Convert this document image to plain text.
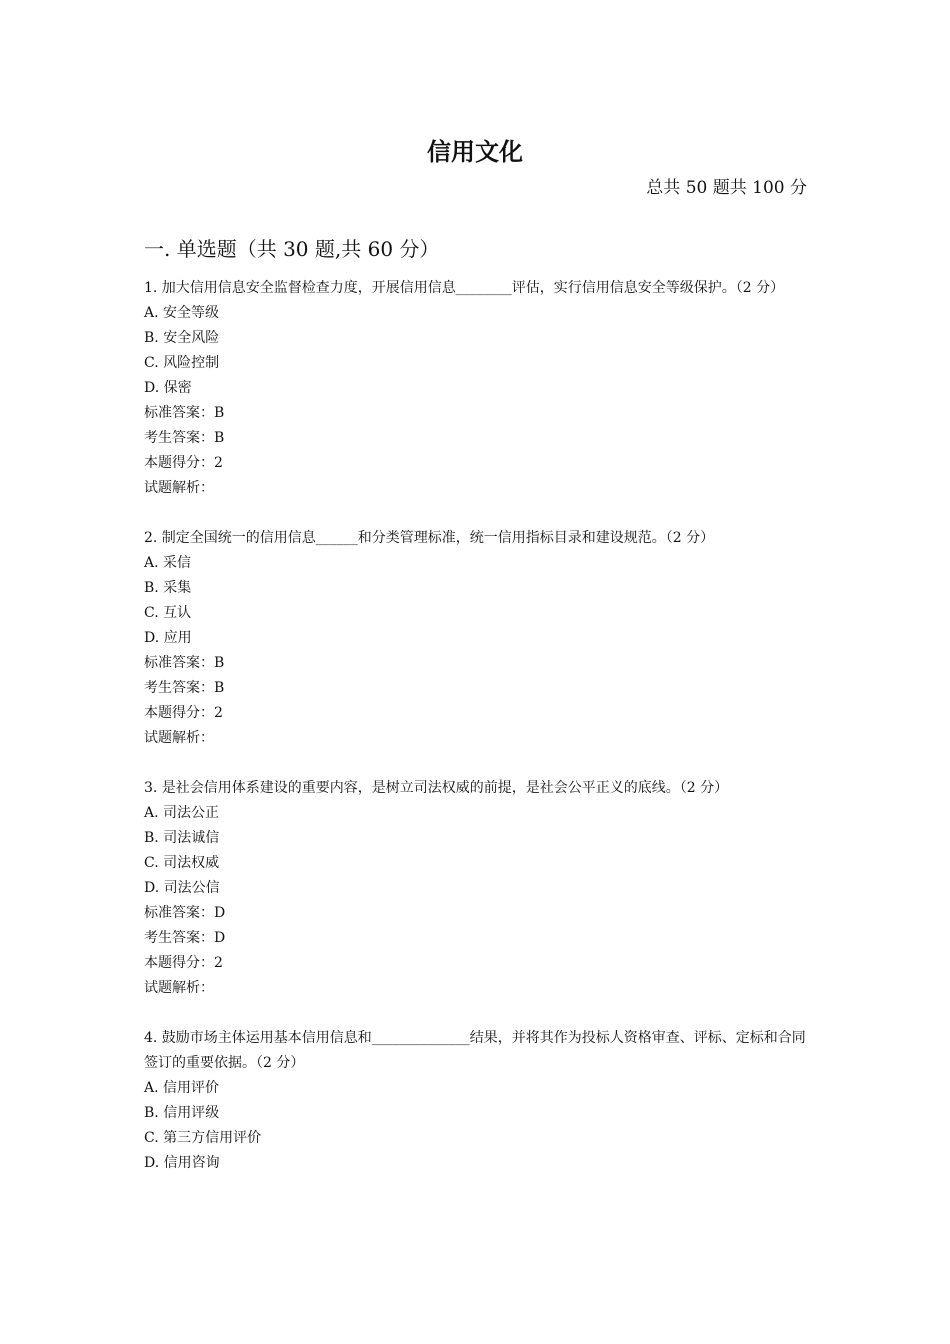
信用文化
总共 50 题共 100 分
一. 单选题（共 30 题,共 60 分）
1. 加大信用信息安全监督检查力度，开展信用信息________评估，实行信用信息安全等级保护。（2 分）
A. 安全等级
B. 安全风险
C. 风险控制
D. 保密
标准答案：B
考生答案：B
本题得分：2
试题解析：
2. 制定全国统一的信用信息______和分类管理标准，统一信用指标目录和建设规范。（2 分）
A. 采信
B. 采集
C. 互认
D. 应用
标准答案：B
考生答案：B
本题得分：2
试题解析：
3. 是社会信用体系建设的重要内容，是树立司法权威的前提，是社会公平正义的底线。（2 分）
A. 司法公正
B. 司法诚信
C. 司法权威
D. 司法公信
标准答案：D
考生答案：D
本题得分：2
试题解析：
4. 鼓励市场主体运用基本信用信息和______________结果，并将其作为投标人资格审查、评标、定标和合同签订的重要依据。（2 分）
A. 信用评价
B. 信用评级
C. 第三方信用评价
D. 信用咨询
